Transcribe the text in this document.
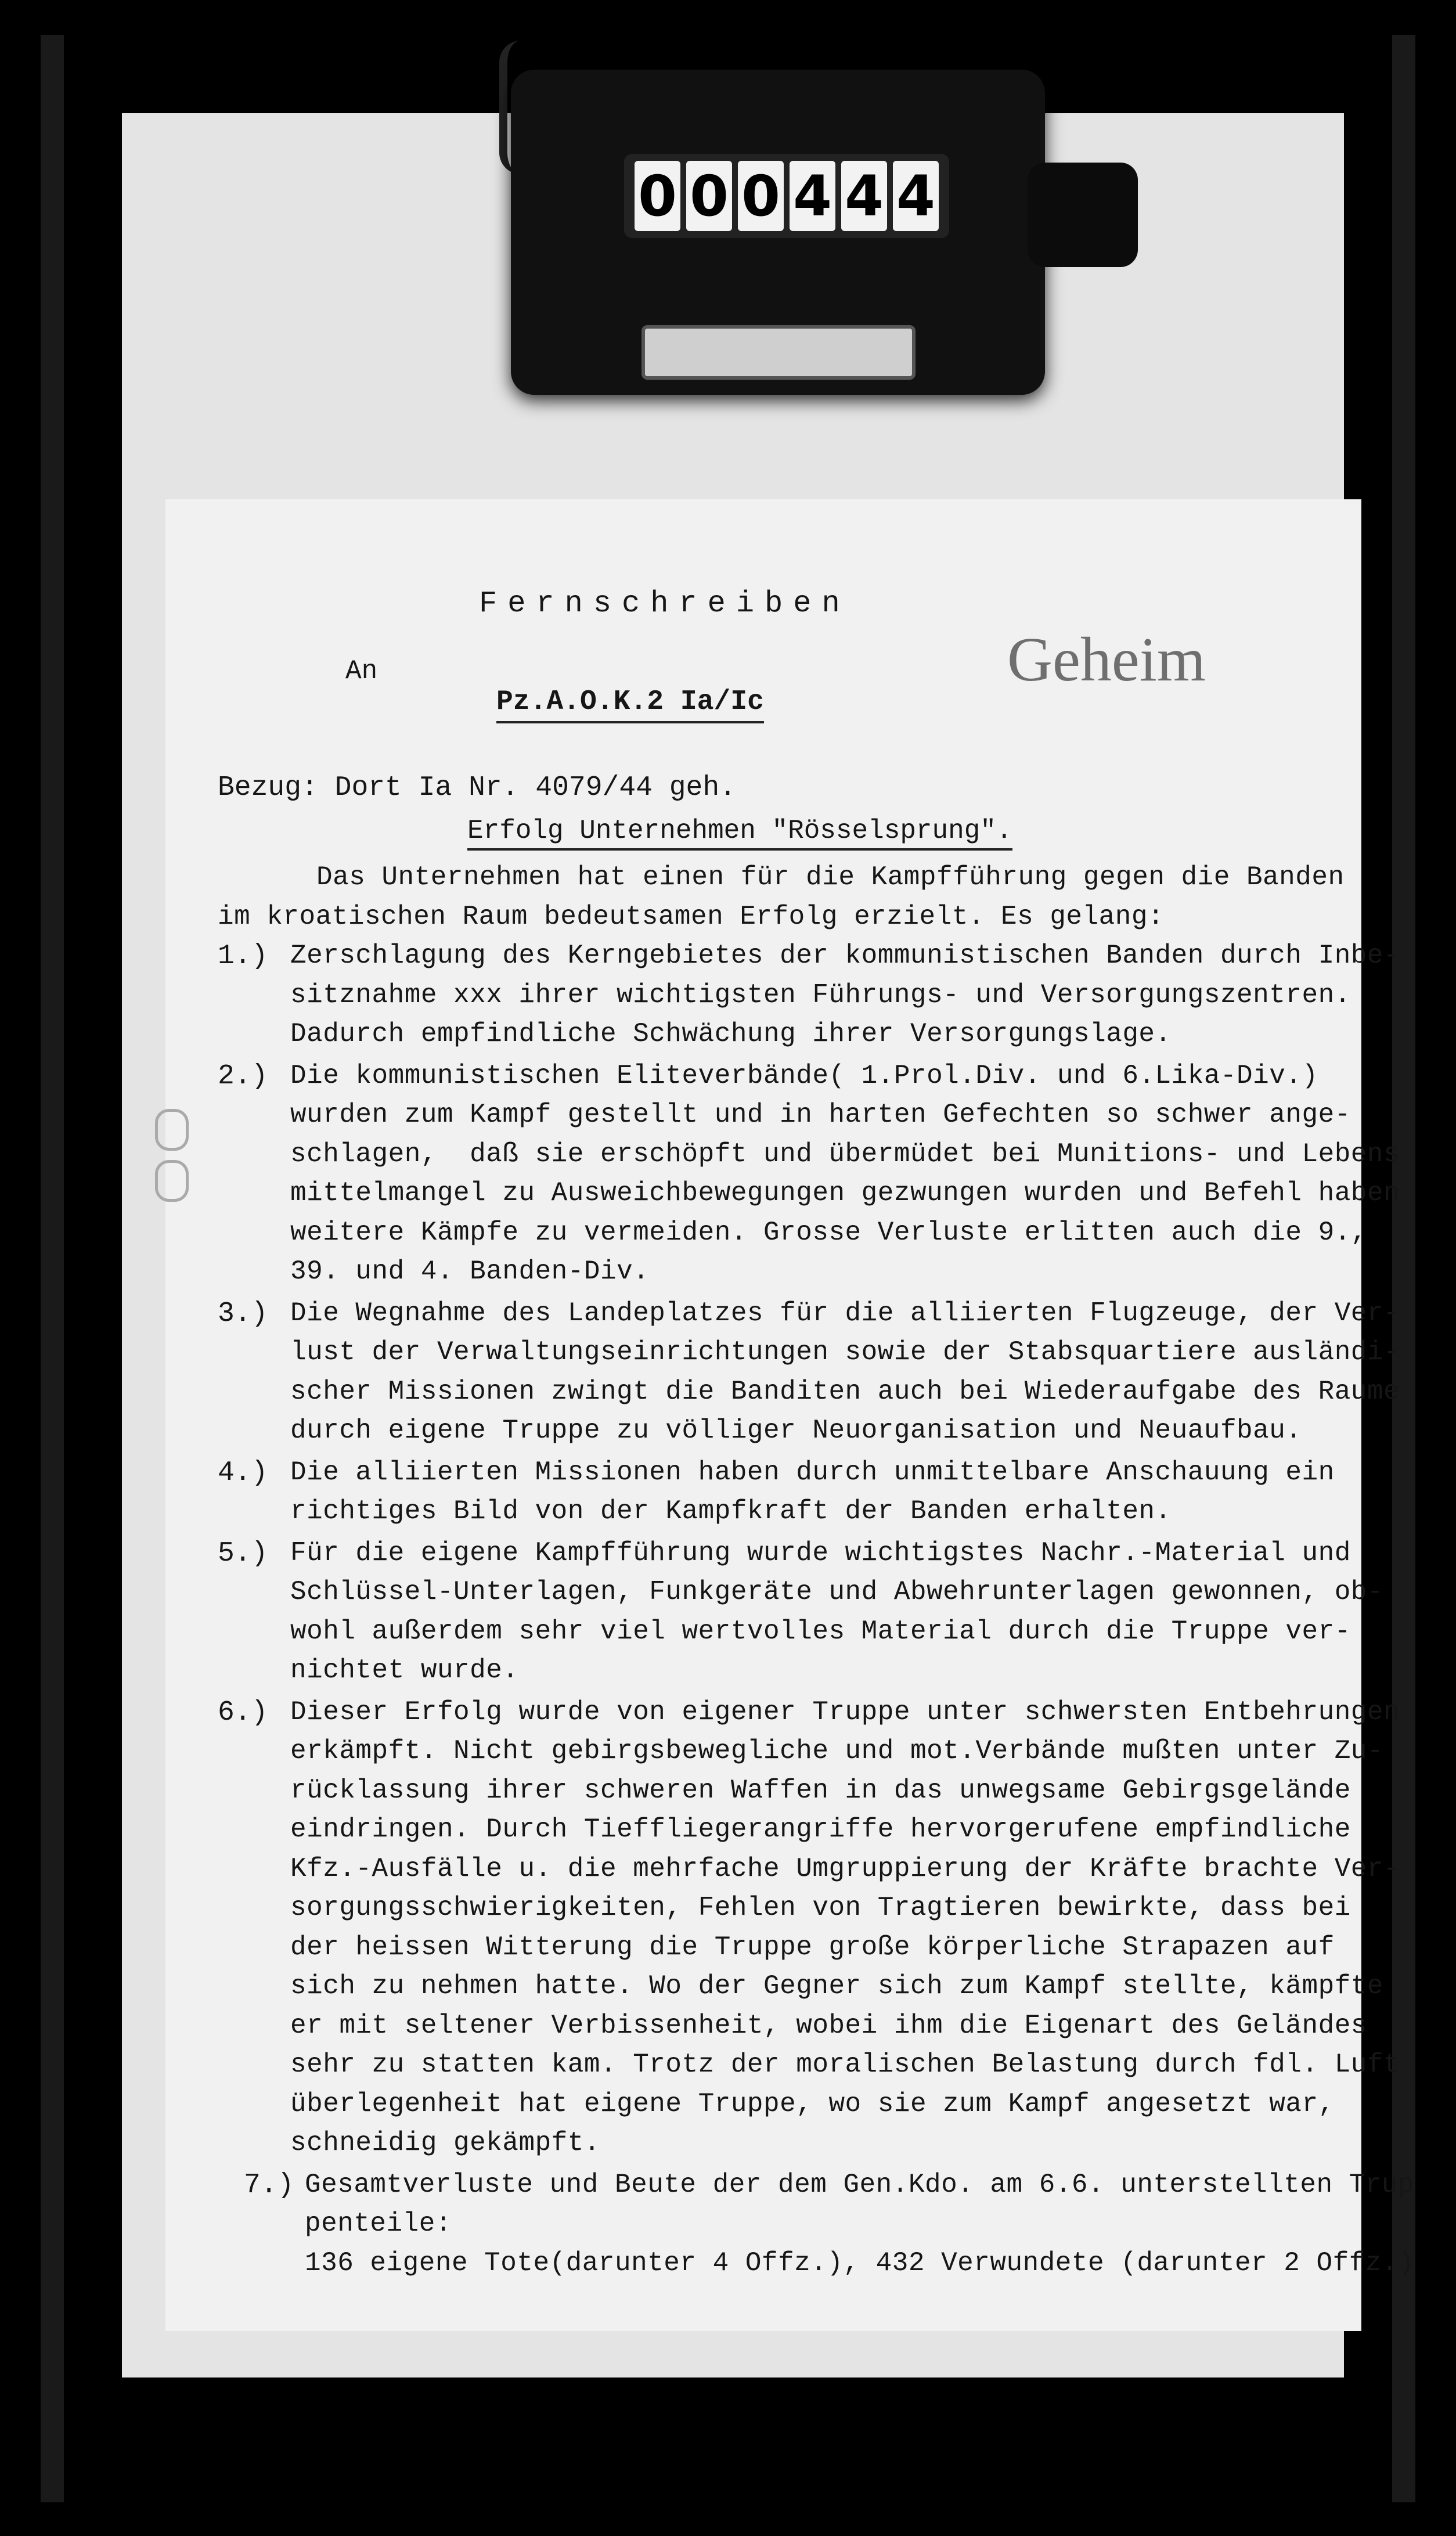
0 0 0 4 4 4
Fernschreiben
Geheim
An
Pz.A.O.K.2 Ia/Ic
Bezug: Dort Ia Nr. 4079/44 geh.
Erfolg Unternehmen "Rösselsprung".
Das Unternehmen hat einen für die Kampfführung gegen die Banden
im kroatischen Raum bedeutsamen Erfolg erzielt. Es gelang:
1.) Zerschlagung des Kerngebietes der kommunistischen Banden durch Inbe-
sitznahme xxx ihrer wichtigsten Führungs- und Versorgungszentren.
Dadurch empfindliche Schwächung ihrer Versorgungslage.
2.) Die kommunistischen Eliteverbände( 1.Prol.Div. und 6.Lika-Div.)
wurden zum Kampf gestellt und in harten Gefechten so schwer ange-
schlagen,  daß sie erschöpft und übermüdet bei Munitions- und Lebens
mittelmangel zu Ausweichbewegungen gezwungen wurden und Befehl haben
weitere Kämpfe zu vermeiden. Grosse Verluste erlitten auch die 9.,
39. und 4. Banden-Div.
3.) Die Wegnahme des Landeplatzes für die alliierten Flugzeuge, der Ver-
lust der Verwaltungseinrichtungen sowie der Stabsquartiere ausländi-
scher Missionen zwingt die Banditen auch bei Wiederaufgabe des Raume
durch eigene Truppe zu völliger Neuorganisation und Neuaufbau.
4.) Die alliierten Missionen haben durch unmittelbare Anschauung ein
richtiges Bild von der Kampfkraft der Banden erhalten.
5.) Für die eigene Kampfführung wurde wichtigstes Nachr.-Material und
Schlüssel-Unterlagen, Funkgeräte und Abwehrunterlagen gewonnen, ob-
wohl außerdem sehr viel wertvolles Material durch die Truppe ver-
nichtet wurde.
6.) Dieser Erfolg wurde von eigener Truppe unter schwersten Entbehrungen
erkämpft. Nicht gebirgsbewegliche und mot.Verbände mußten unter Zu-
rücklassung ihrer schweren Waffen in das unwegsame Gebirgsgelände
eindringen. Durch Tieffliegerangriffe hervorgerufene empfindliche
Kfz.-Ausfälle u. die mehrfache Umgruppierung der Kräfte brachte Ver-
sorgungsschwierigkeiten, Fehlen von Tragtieren bewirkte, dass bei
der heissen Witterung die Truppe große körperliche Strapazen auf
sich zu nehmen hatte. Wo der Gegner sich zum Kampf stellte, kämpfte
er mit seltener Verbissenheit, wobei ihm die Eigenart des Geländes
sehr zu statten kam. Trotz der moralischen Belastung durch fdl. Luft
überlegenheit hat eigene Truppe, wo sie zum Kampf angesetzt war,
schneidig gekämpft.
7.) Gesamtverluste und Beute der dem Gen.Kdo. am 6.6. unterstellten Trup
penteile:
136 eigene Tote(darunter 4 Offz.), 432 Verwundete (darunter 2 Offz.)
